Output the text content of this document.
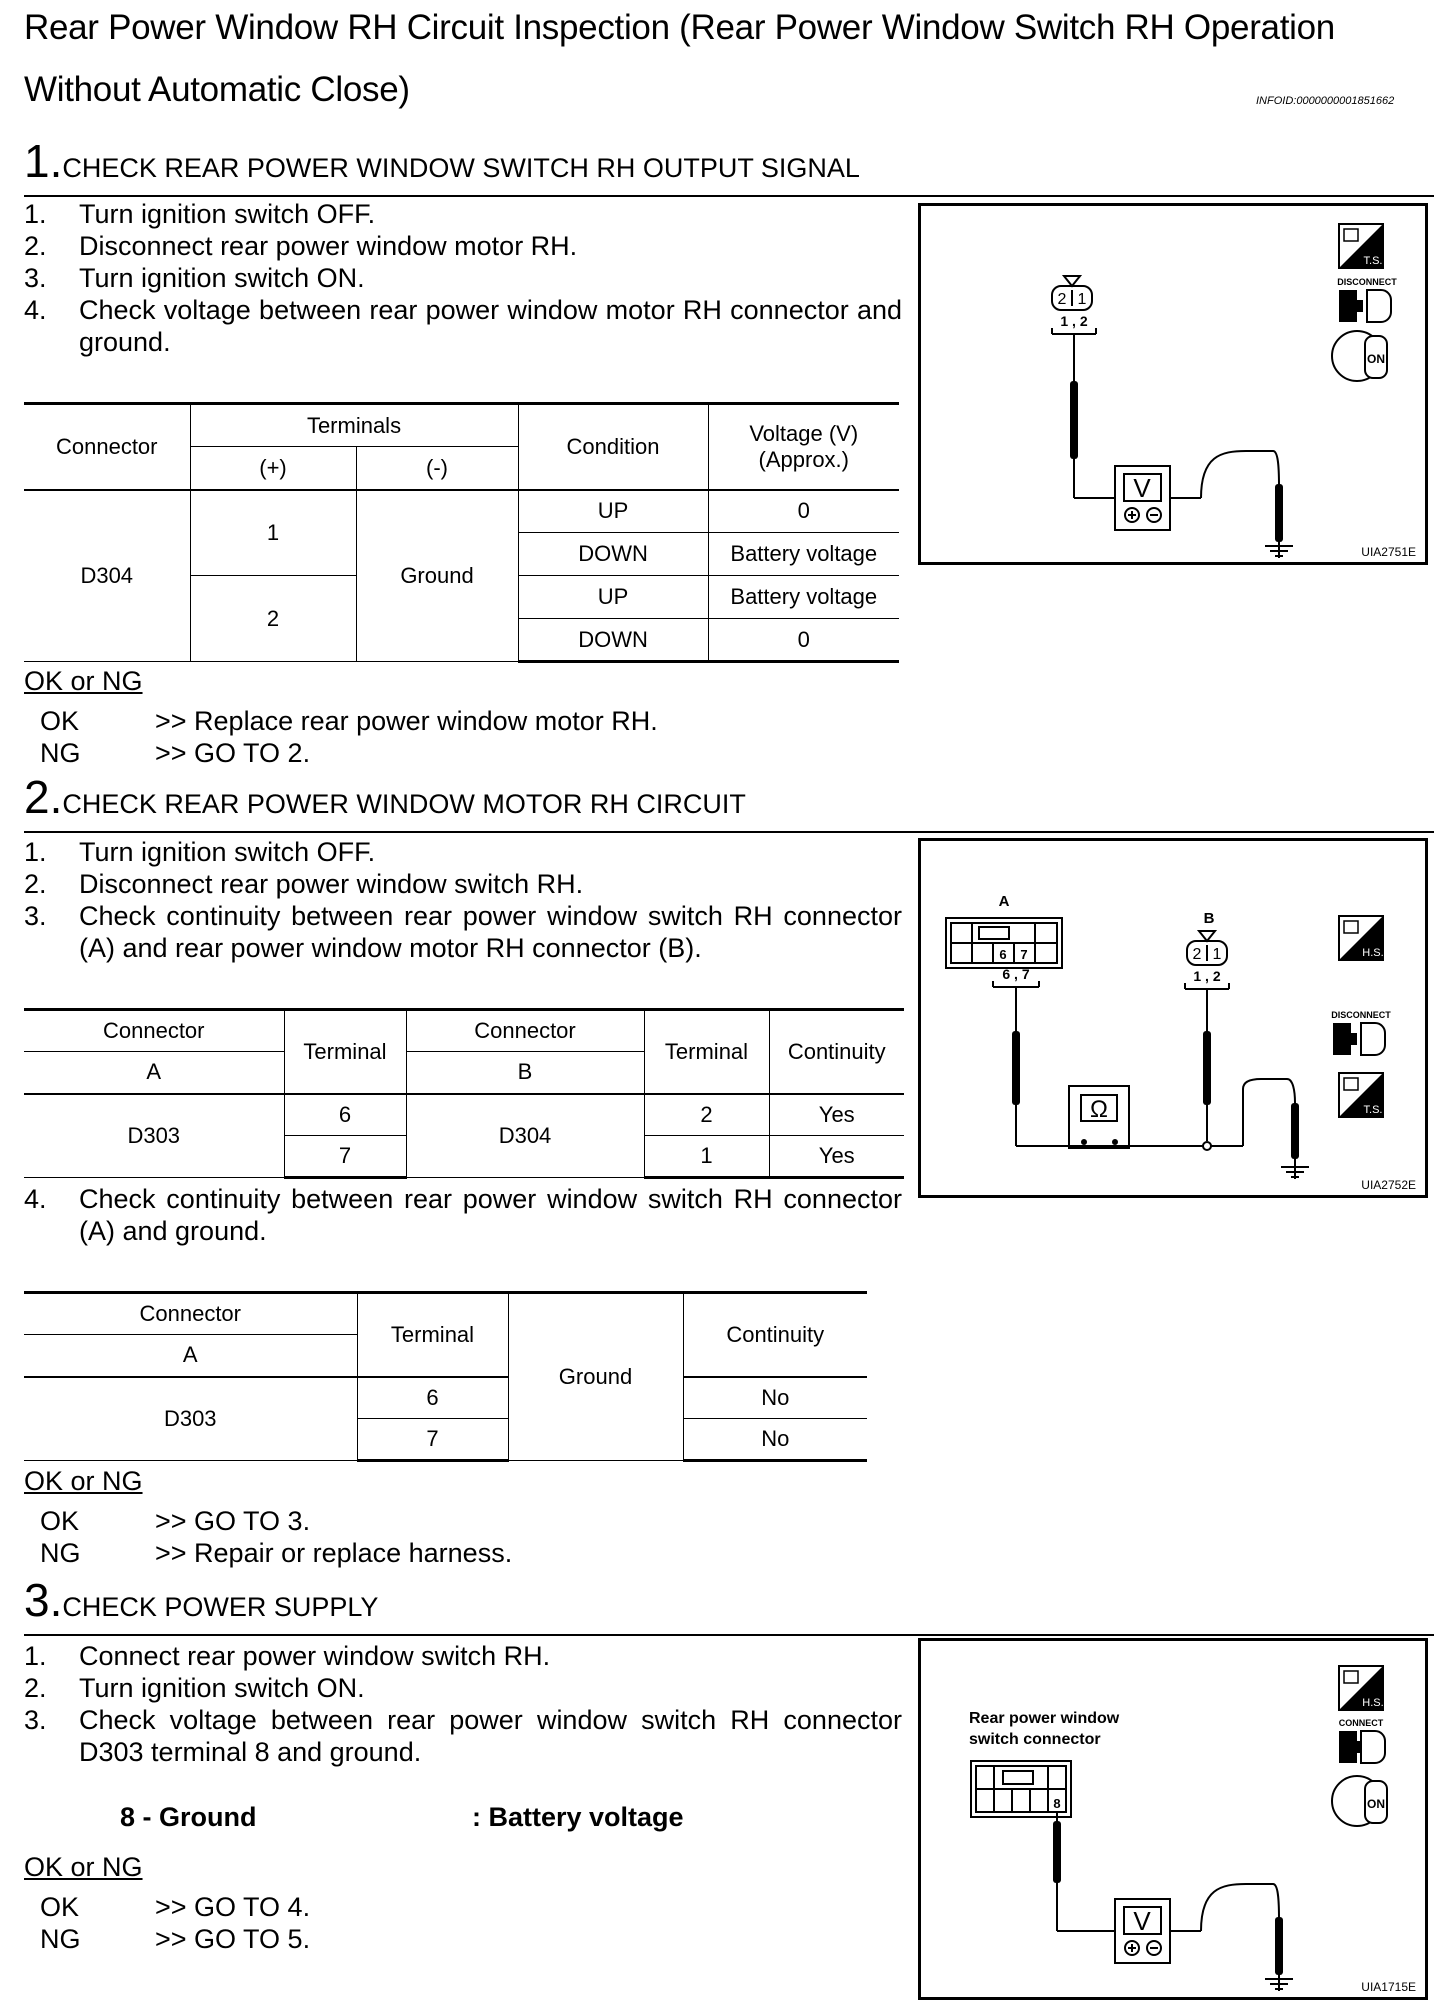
Rear Power Window RH Circuit Inspection (Rear Power Window Switch RH Operation
Without Automatic Close)	INFOID:0000000001851662
1.CHECK REAR POWER WINDOW SWITCH RH OUTPUT SIGNAL
1. Turn ignition switch OFF.
2. Disconnect rear power window motor RH.
3. Turn ignition switch ON.
4. Check voltage between rear power window motor RH connector and ground.
Connector	Terminals		Condition	Voltage (V) (Approx.)
	(+)	(-)		
D304	1	Ground	UP	0
			DOWN	Battery voltage
	2		UP	Battery voltage
			DOWN	0
OK or NG
OK	>> Replace rear power window motor RH.
NG	>> GO TO 2.
2 1
1 , 2
V
T.S.
DISCONNECT
ON
UIA2751E
2.CHECK REAR POWER WINDOW MOTOR RH CIRCUIT
1. Turn ignition switch OFF.
2. Disconnect rear power window switch RH.
3. Check continuity between rear power window switch RH connector (A) and rear power window motor RH connector (B).
Connector	Terminal	Connector	Terminal	Continuity
A		B		
D303	6	D304	2	Yes
	7		1	Yes
4. Check continuity between rear power window switch RH connector (A) and ground.
Connector	Terminal	Ground	Continuity
A			
D303	6		No
	7		No
OK or NG
OK	>> GO TO 3.
NG	>> Repair or replace harness.
A
B
6 7
6 , 7
2 1
1 , 2
Ω
H.S.
DISCONNECT
T.S.
UIA2752E
3.CHECK POWER SUPPLY
1. Connect rear power window switch RH.
2. Turn ignition switch ON.
3. Check voltage between rear power window switch RH connector D303 terminal 8 and ground.
8 - Ground	: Battery voltage
OK or NG
OK	>> GO TO 4.
NG	>> GO TO 5.
Rear power window
switch connector
8
V
H.S.
CONNECT
ON
UIA1715E
